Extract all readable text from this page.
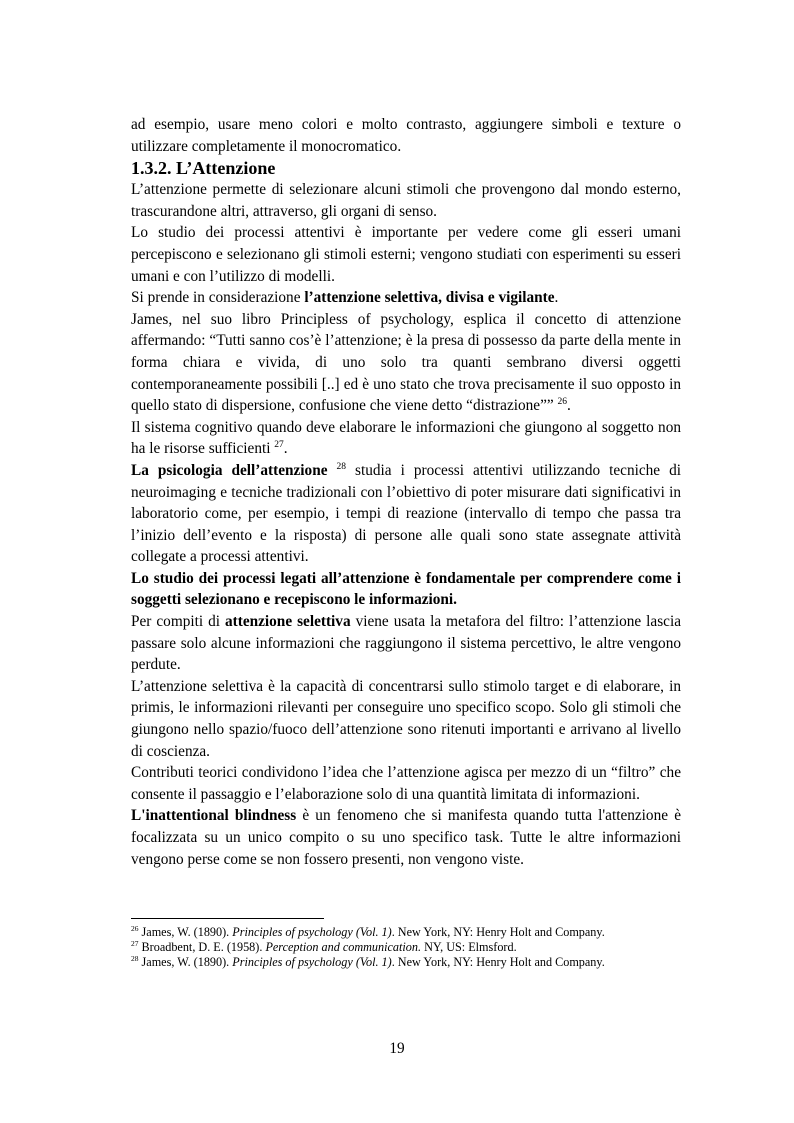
ad esempio, usare meno colori e molto contrasto, aggiungere simboli e texture o utilizzare completamente il monocromatico.

1.3.2. L’Attenzione

L’attenzione permette di selezionare alcuni stimoli che provengono dal mondo esterno, trascurandone altri, attraverso, gli organi di senso.

Lo studio dei processi attentivi è importante per vedere come gli esseri umani percepiscono e selezionano gli stimoli esterni; vengono studiati con esperimenti su esseri umani e con l’utilizzo di modelli.

Si prende in considerazione l’attenzione selettiva, divisa e vigilante.

James, nel suo libro Principless of psychology, esplica il concetto di attenzione affermando: “Tutti sanno cos’è l’attenzione; è la presa di possesso da parte della mente in forma chiara e vivida, di uno solo tra quanti sembrano diversi oggetti contemporaneamente possibili [..] ed è uno stato che trova precisamente il suo opposto in quello stato di dispersione, confusione che viene detto “distrazione”” $^{26}$.

Il sistema cognitivo quando deve elaborare le informazioni che giungono al soggetto non ha le risorse sufficienti $^{27}$.

La psicologia dell’attenzione $^{28}$ studia i processi attentivi utilizzando tecniche di neuroimaging e tecniche tradizionali con l’obiettivo di poter misurare dati significativi in laboratorio come, per esempio, i tempi di reazione (intervallo di tempo che passa tra l’inizio dell’evento e la risposta) di persone alle quali sono state assegnate attività collegate a processi attentivi.

Lo studio dei processi legati all’attenzione è fondamentale per comprendere come i soggetti selezionano e recepiscono le informazioni.

Per compiti di attenzione selettiva viene usata la metafora del filtro: l’attenzione lascia passare solo alcune informazioni che raggiungono il sistema percettivo, le altre vengono perdute.

L’attenzione selettiva è la capacità di concentrarsi sullo stimolo target e di elaborare, in primis, le informazioni rilevanti per conseguire uno specifico scopo. Solo gli stimoli che giungono nello spazio/fuoco dell’attenzione sono ritenuti importanti e arrivano al livello di coscienza.

Contributi teorici condividono l’idea che l’attenzione agisca per mezzo di un “filtro” che consente il passaggio e l’elaborazione solo di una quantità limitata di informazioni.

L'inattentional blindness è un fenomeno che si manifesta quando tutta l'attenzione è focalizzata su un unico compito o su uno specifico task. Tutte le altre informazioni vengono perse come se non fossero presenti, non vengono viste.

$^{26}$ James, W. (1890). Principles of psychology (Vol. 1). New York, NY: Henry Holt and Company.

$^{27}$ Broadbent, D. E. (1958). Perception and communication. NY, US: Elmsford.

$^{28}$ James, W. (1890). Principles of psychology (Vol. 1). New York, NY: Henry Holt and Company.

19
